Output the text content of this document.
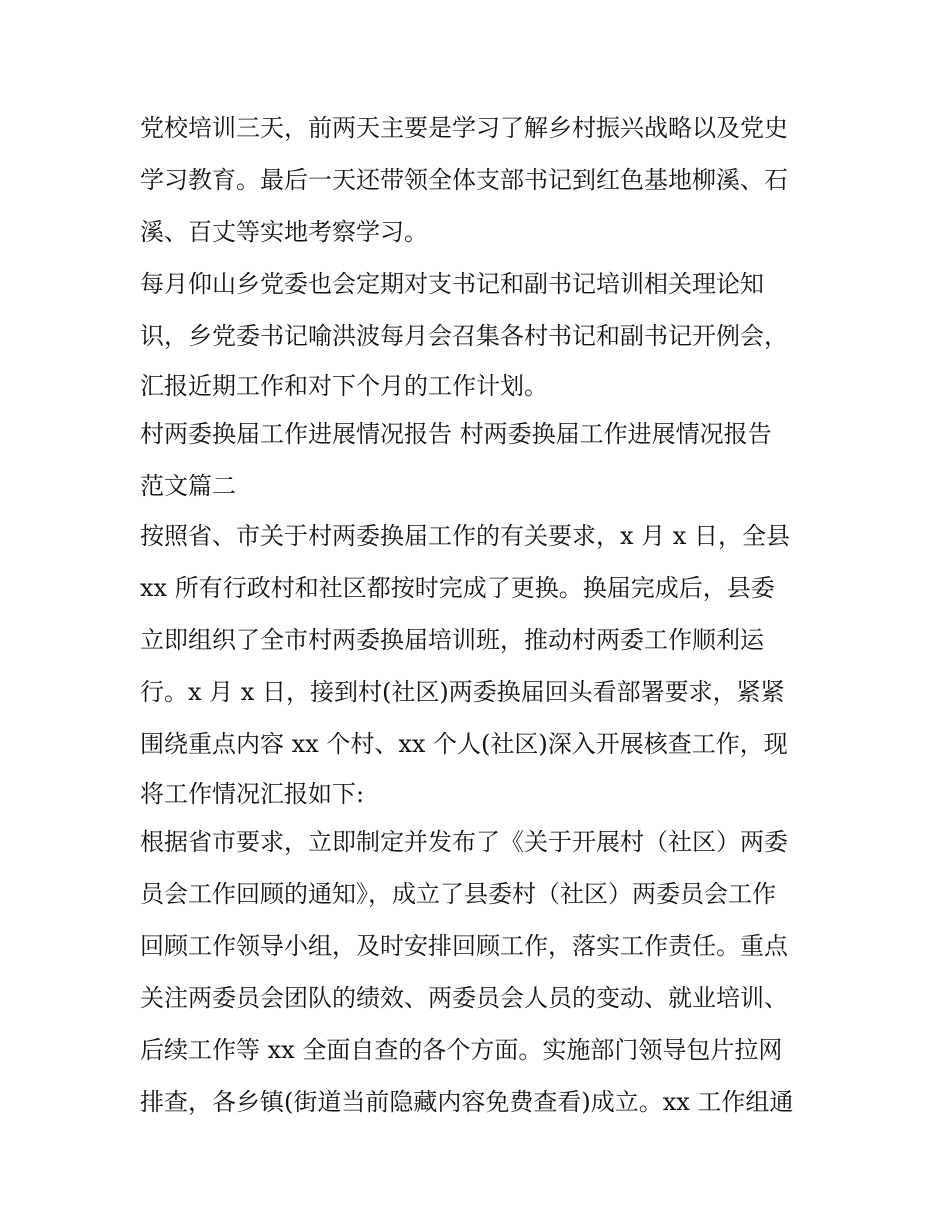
党校培训三天，前两天主要是学习了解乡村振兴战略以及党史
学习教育。最后一天还带领全体支部书记到红色基地柳溪、石
溪、百丈等实地考察学习。
每月仰山乡党委也会定期对支书记和副书记培训相关理论知
识，乡党委书记喻洪波每月会召集各村书记和副书记开例会，
汇报近期工作和对下个月的工作计划。
村两委换届工作进展情况报告 村两委换届工作进展情况报告
范文篇二
按照省、市关于村两委换届工作的有关要求，x 月 x 日，全县
xx 所有行政村和社区都按时完成了更换。换届完成后，县委
立即组织了全市村两委换届培训班，推动村两委工作顺利运
行。x 月 x 日，接到村(社区)两委换届回头看部署要求，紧紧
围绕重点内容 xx 个村、xx 个人(社区)深入开展核查工作，现
将工作情况汇报如下:
根据省市要求，立即制定并发布了《关于开展村（社区）两委
员会工作回顾的通知》，成立了县委村（社区）两委员会工作
回顾工作领导小组，及时安排回顾工作，落实工作责任。重点
关注两委员会团队的绩效、两委员会人员的变动、就业培训、
后续工作等 xx 全面自查的各个方面。实施部门领导包片拉网
排查，各乡镇(街道当前隐藏内容免费查看)成立。xx 工作组通
